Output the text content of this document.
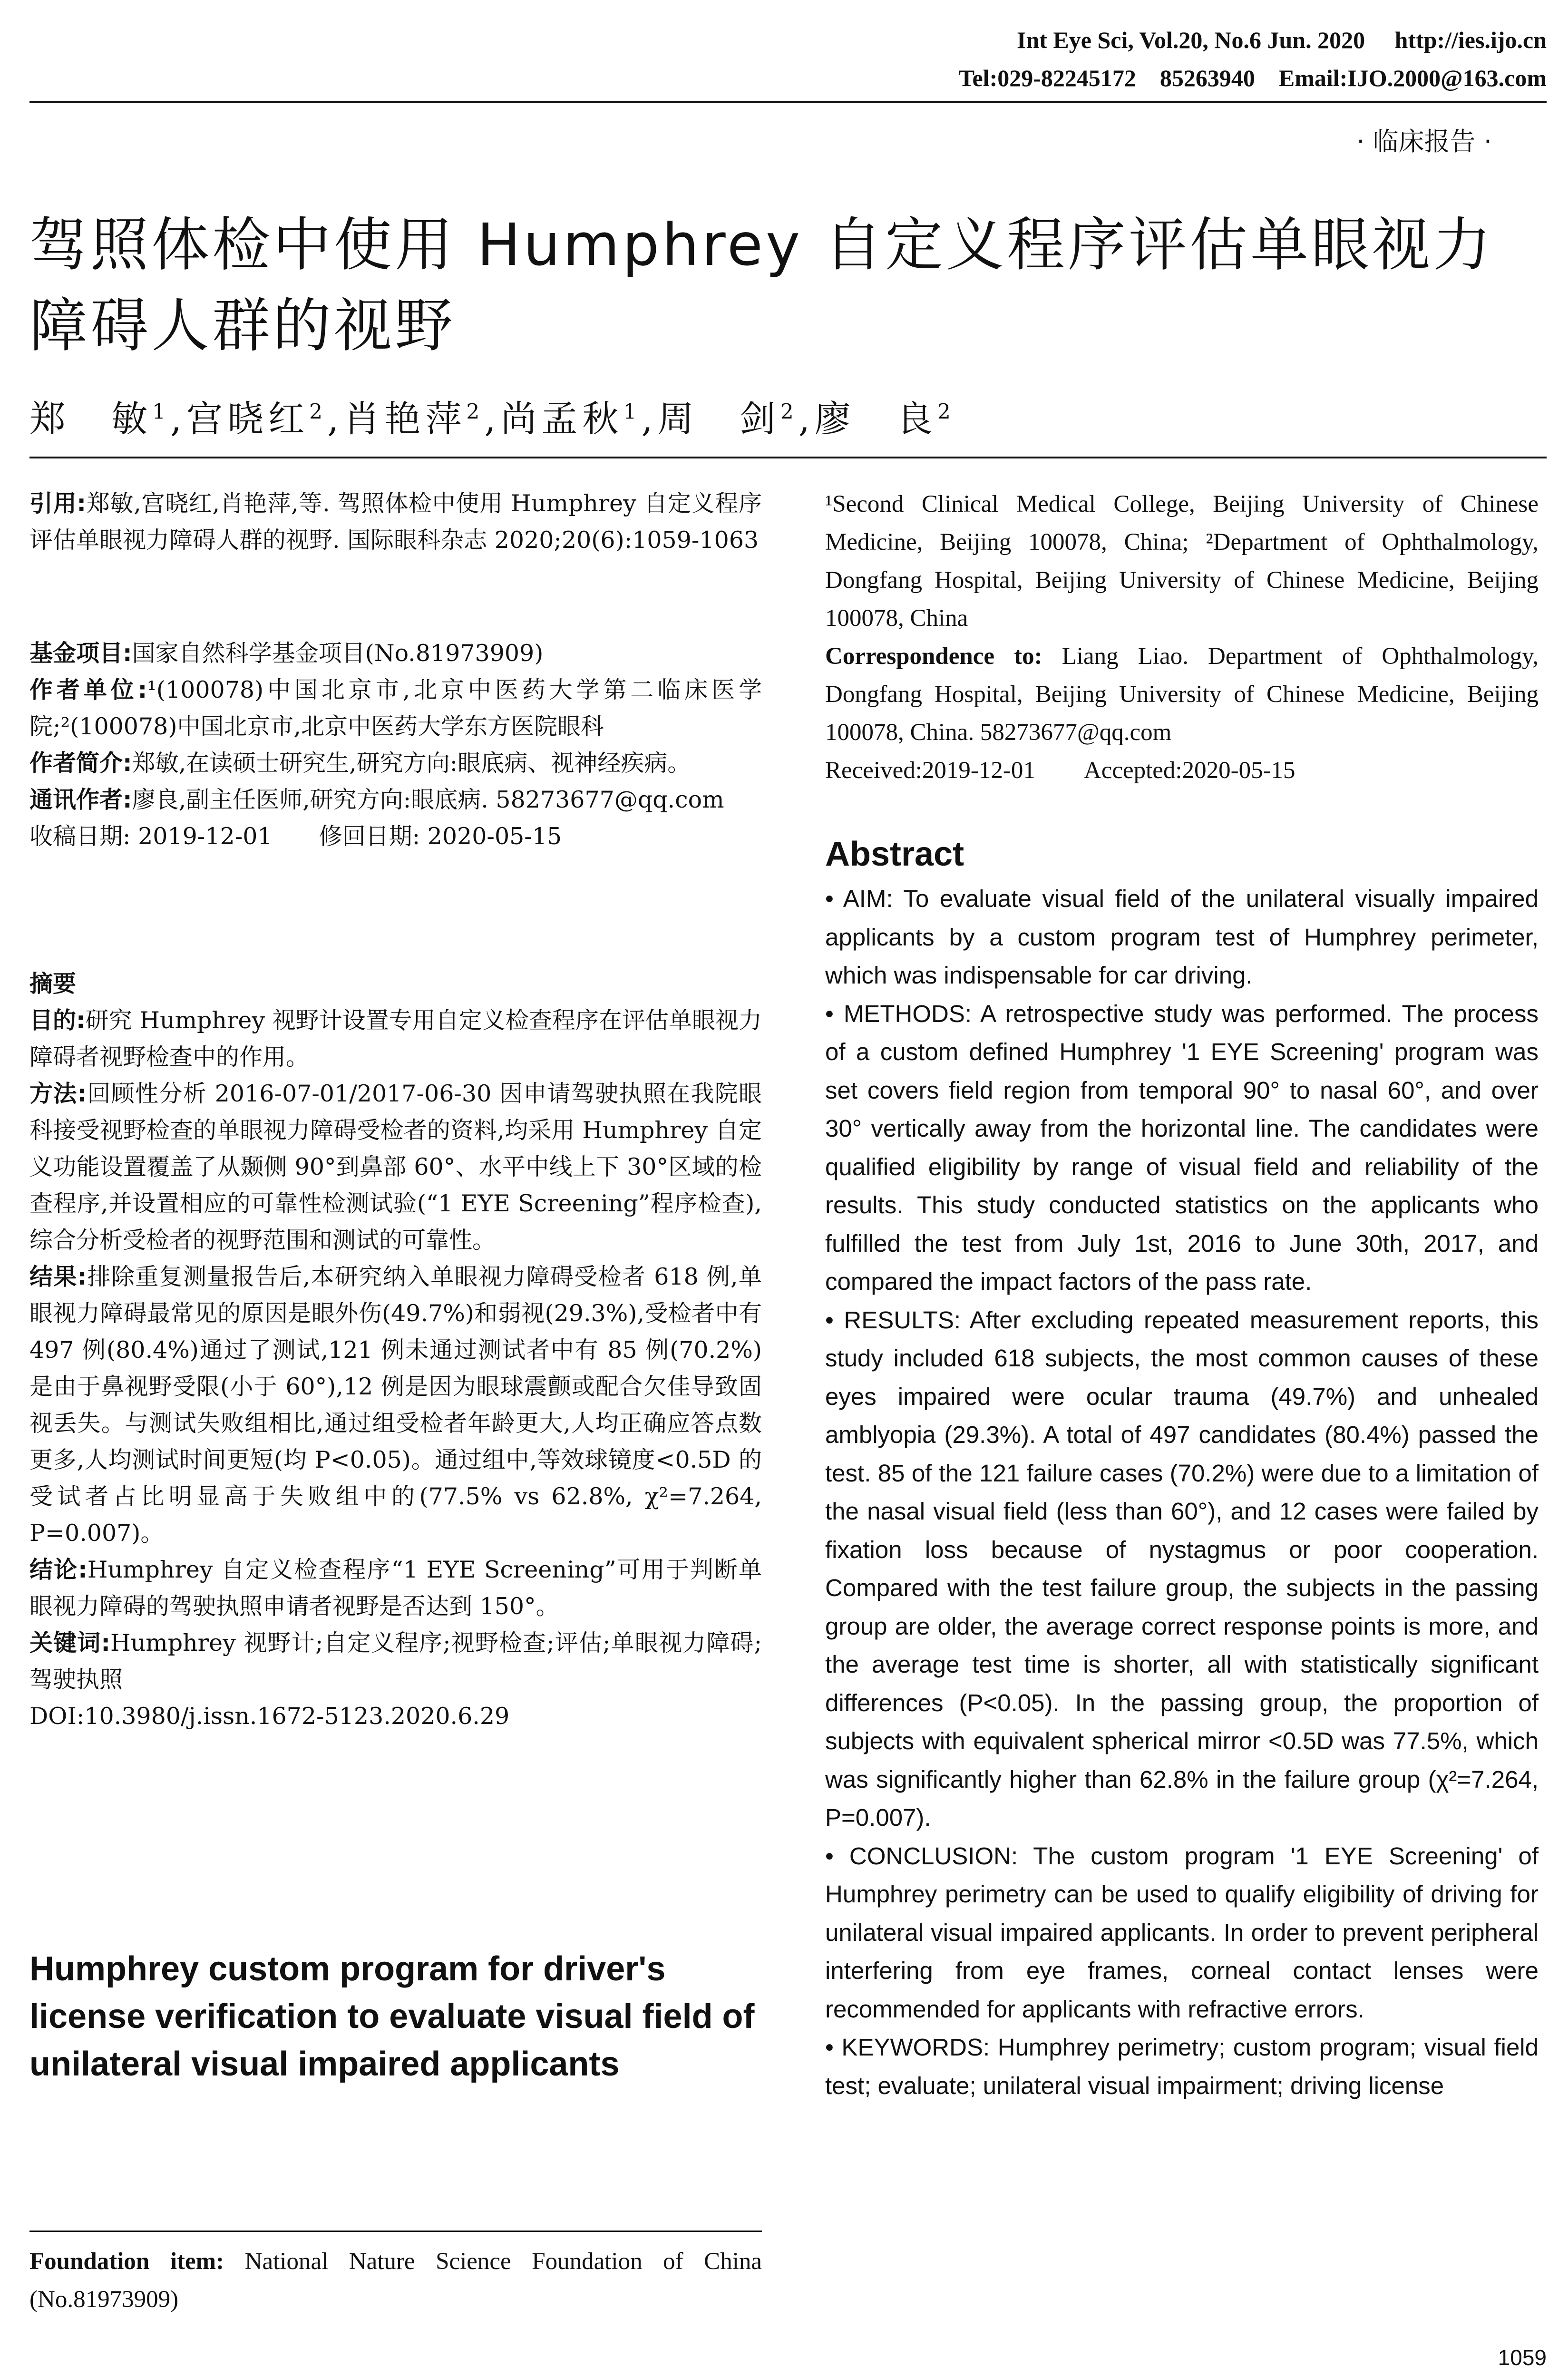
Int Eye Sci, Vol.20, No.6 Jun. 2020     http://ies.ijo.cn
Tel:029-82245172    85263940    Email:IJO.2000@163.com
· 临床报告 ·
驾照体检中使用 Humphrey 自定义程序评估单眼视力障碍人群的视野
郑　敏$^1$,宫晓红$^2$,肖艳萍$^2$,尚孟秋$^1$,周　剑$^2$,廖　良$^2$
引用:郑敏,宫晓红,肖艳萍,等. 驾照体检中使用 Humphrey 自定义程序评估单眼视力障碍人群的视野. 国际眼科杂志 2020;20(6):1059-1063

基金项目:国家自然科学基金项目(No.81973909)

作者单位:¹(100078)中国北京市,北京中医药大学第二临床医学院;²(100078)中国北京市,北京中医药大学东方医院眼科

作者简介:郑敏,在读硕士研究生,研究方向:眼底病、视神经疾病。

通讯作者:廖良,副主任医师,研究方向:眼底病. 58273677@qq.com

收稿日期: 2019-12-01　　修回日期: 2020-05-15

摘要

目的:研究 Humphrey 视野计设置专用自定义检查程序在评估单眼视力障碍者视野检查中的作用。

方法:回顾性分析 2016-07-01/2017-06-30 因申请驾驶执照在我院眼科接受视野检查的单眼视力障碍受检者的资料,均采用 Humphrey 自定义功能设置覆盖了从颞侧 90°到鼻部 60°、水平中线上下 30°区域的检查程序,并设置相应的可靠性检测试验(“1 EYE Screening”程序检查),综合分析受检者的视野范围和测试的可靠性。

结果:排除重复测量报告后,本研究纳入单眼视力障碍受检者 618 例,单眼视力障碍最常见的原因是眼外伤(49.7%)和弱视(29.3%),受检者中有 497 例(80.4%)通过了测试,121 例未通过测试者中有 85 例(70.2%)是由于鼻视野受限(小于 60°),12 例是因为眼球震颤或配合欠佳导致固视丢失。与测试失败组相比,通过组受检者年龄更大,人均正确应答点数更多,人均测试时间更短(均 P<0.05)。通过组中,等效球镜度<0.5D 的受试者占比明显高于失败组中的(77.5% vs 62.8%, χ²=7.264, P=0.007)。

结论:Humphrey 自定义检查程序“1 EYE Screening”可用于判断单眼视力障碍的驾驶执照申请者视野是否达到 150°。

关键词:Humphrey 视野计;自定义程序;视野检查;评估;单眼视力障碍;驾驶执照

DOI:10.3980/j.issn.1672-5123.2020.6.29

Humphrey custom program for driver's license verification to evaluate visual field of unilateral visual impaired applicants
Foundation item: National Nature Science Foundation of China (No.81973909)
¹Second Clinical Medical College, Beijing University of Chinese Medicine, Beijing 100078, China; ²Department of Ophthalmology, Dongfang Hospital, Beijing University of Chinese Medicine, Beijing 100078, China
Correspondence to: Liang Liao. Department of Ophthalmology, Dongfang Hospital, Beijing University of Chinese Medicine, Beijing 100078, China. 58273677@qq.com

Received:2019-12-01　　Accepted:2020-05-15

Abstract

• AIM: To evaluate visual field of the unilateral visually impaired applicants by a custom program test of Humphrey perimeter, which was indispensable for car driving.

• METHODS: A retrospective study was performed. The process of a custom defined Humphrey '1 EYE Screening' program was set covers field region from temporal 90° to nasal 60°, and over 30° vertically away from the horizontal line. The candidates were qualified eligibility by range of visual field and reliability of the results. This study conducted statistics on the applicants who fulfilled the test from July 1st, 2016 to June 30th, 2017, and compared the impact factors of the pass rate.

• RESULTS: After excluding repeated measurement reports, this study included 618 subjects, the most common causes of these eyes impaired were ocular trauma (49.7%) and unhealed amblyopia (29.3%). A total of 497 candidates (80.4%) passed the test. 85 of the 121 failure cases (70.2%) were due to a limitation of the nasal visual field (less than 60°), and 12 cases were failed by fixation loss because of nystagmus or poor cooperation. Compared with the test failure group, the subjects in the passing group are older, the average correct response points is more, and the average test time is shorter, all with statistically significant differences (P<0.05). In the passing group, the proportion of subjects with equivalent spherical mirror <0.5D was 77.5%, which was significantly higher than 62.8% in the failure group (χ²=7.264, P=0.007).

• CONCLUSION: The custom program '1 EYE Screening' of Humphrey perimetry can be used to qualify eligibility of driving for unilateral visual impaired applicants. In order to prevent peripheral interfering from eye frames, corneal contact lenses were recommended for applicants with refractive errors.

• KEYWORDS: Humphrey perimetry; custom program; visual field test; evaluate; unilateral visual impairment; driving license

1059
